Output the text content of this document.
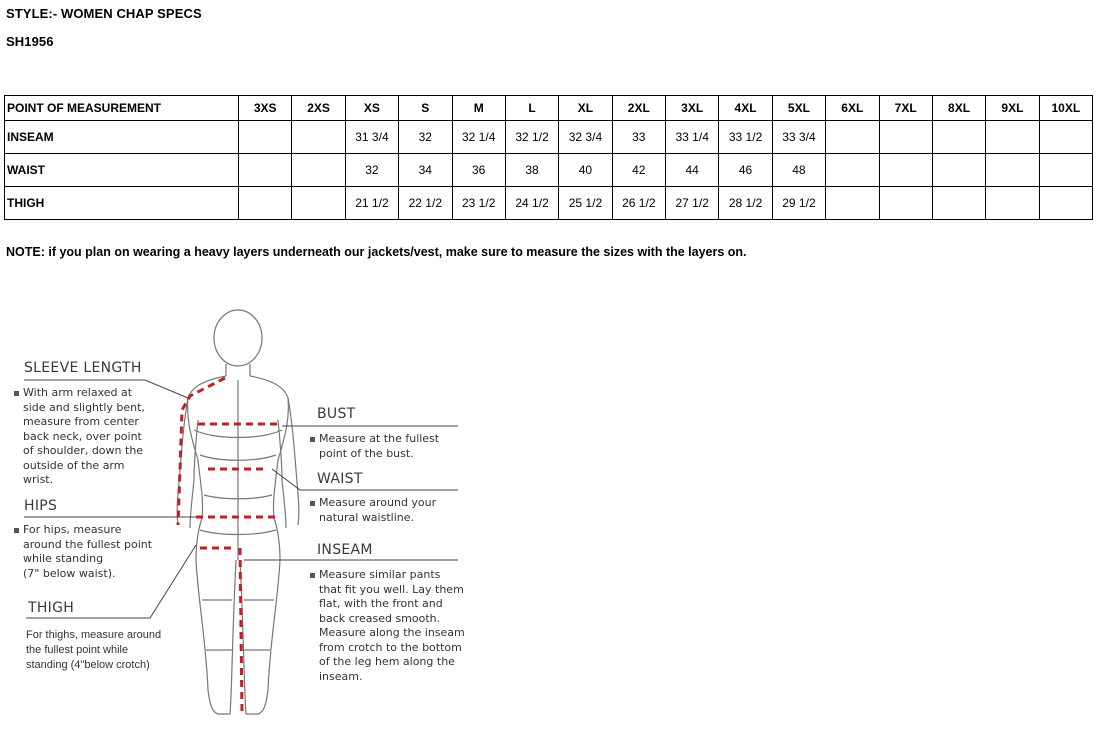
STYLE:- WOMEN CHAP SPECS
SH1956
POINT OF MEASUREMENT	3XS	2XS	XS	S	M	L	XL	2XL	3XL	4XL	5XL	6XL	7XL	8XL	9XL	10XL
INSEAM			31 3/4	32	32 1/4	32 1/2	32 3/4	33	33 1/4	33 1/2	33 3/4					
WAIST			32	34	36	38	40	42	44	46	48					
THIGH			21 1/2	22 1/2	23 1/2	24 1/2	25 1/2	26 1/2	27 1/2	28 1/2	29 1/2					
NOTE: if you plan on wearing a heavy layers underneath our jackets/vest, make sure to measure the sizes with the layers on.
SLEEVE LENGTH
With arm relaxed at
side and slightly bent,
measure from center
back neck, over point
of shoulder, down the
outside of the arm
wrist.
HIPS
For hips, measure
around the fullest point
while standing
(7" below waist).
THIGH
For thighs, measure around
the fullest point while
standing (4"below crotch)
BUST
Measure at the fullest
point of the bust.
WAIST
Measure around your
natural waistline.
INSEAM
Measure similar pants
that fit you well. Lay them
flat, with the front and
back creased smooth.
Measure along the inseam
from crotch to the bottom
of the leg hem along the
inseam.
